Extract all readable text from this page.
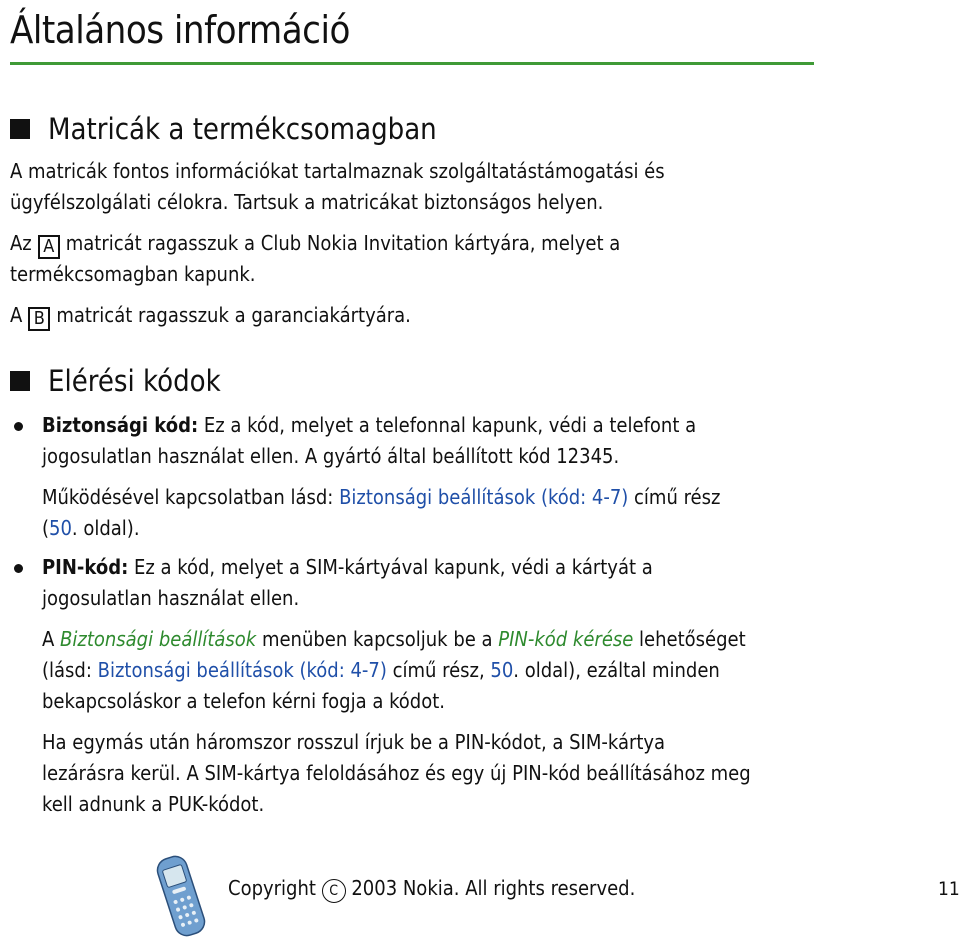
Általános információ
Matricák a termékcsomagban

A matricák fontos információkat tartalmaznak szolgáltatástámogatási és

ügyfélszolgálati célokra. Tartsuk a matricákat biztonságos helyen.

Az A matricát ragasszuk a Club Nokia Invitation kártyára, melyet a

termékcsomagban kapunk.

A B matricát ragasszuk a garanciakártyára.

Elérési kódok

Biztonsági kód: Ez a kód, melyet a telefonnal kapunk, védi a telefont a

jogosulatlan használat ellen. A gyártó által beállított kód 12345.

Működésével kapcsolatban lásd: Biztonsági beállítások (kód: 4-7) című rész

(50. oldal).

PIN-kód: Ez a kód, melyet a SIM-kártyával kapunk, védi a kártyát a

jogosulatlan használat ellen.

A Biztonsági beállítások menüben kapcsoljuk be a PIN-kód kérése lehetőséget

(lásd: Biztonsági beállítások (kód: 4-7) című rész, 50. oldal), ezáltal minden

bekapcsoláskor a telefon kérni fogja a kódot.

Ha egymás után háromszor rosszul írjuk be a PIN-kódot, a SIM-kártya

lezárásra kerül. A SIM-kártya feloldásához és egy új PIN-kód beállításához meg

kell adnunk a PUK-kódot.

Copyright C 2003 Nokia. All rights reserved.	11
